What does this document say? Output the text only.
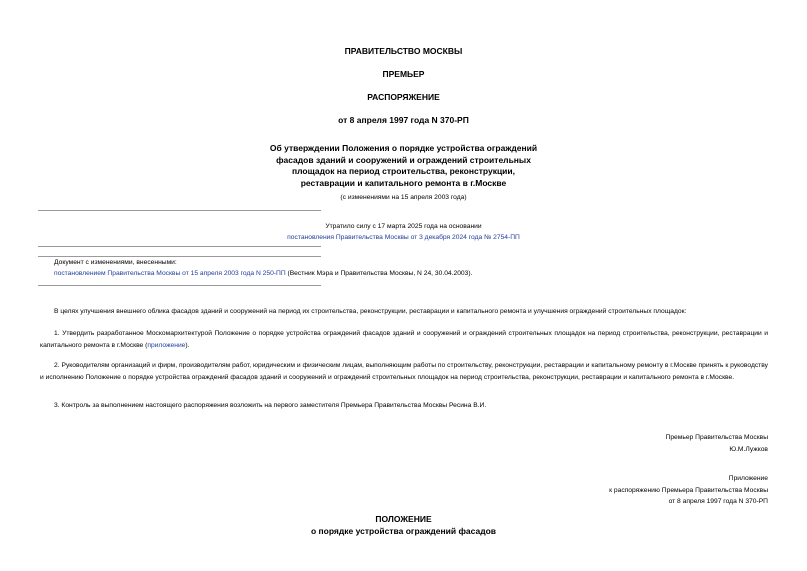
ПРАВИТЕЛЬСТВО МОСКВЫ
ПРЕМЬЕР
РАСПОРЯЖЕНИЕ
от 8 апреля 1997 года N 370-РП
Об утверждении Положения о порядке устройства ограждений
фасадов зданий и сооружений и ограждений строительных
площадок на период строительства, реконструкции,
реставрации и капитального ремонта в г.Москве
(с изменениями на 15 апреля 2003 года)
Утратило силу с 17 марта 2025 года на основании
постановления Правительства Москвы от 3 декабря 2024 года № 2754-ПП
Документ с изменениями, внесенными:
постановлением Правительства Москвы от 15 апреля 2003 года N 250-ПП (Вестник Мэра и Правительства Москвы, N 24, 30.04.2003).
В целях улучшения внешнего облика фасадов зданий и сооружений на период их строительства, реконструкции, реставрации и капитального ремонта и улучшения ограждений строительных площадок:
1. Утвердить разработанное Москомархитектурой Положение о порядке устройства ограждений фасадов зданий и сооружений и ограждений строительных площадок на период строительства, реконструкции, реставрации и капитального ремонта в г.Москве (приложение).
2. Руководителям организаций и фирм, производителям работ, юридическим и физическим лицам, выполняющим работы по строительству, реконструкции, реставрации и капитальному ремонту в г.Москве принять к руководству и исполнению Положение о порядке устройства ограждений фасадов зданий и сооружений и ограждений строительных площадок на период строительства, реконструкции, реставрации и капитального ремонта в г.Москве.
3. Контроль за выполнением настоящего распоряжения возложить на первого заместителя Премьера Правительства Москвы Ресина В.И.
Премьер Правительства Москвы
Ю.М.Лужков
Приложение
к распоряжению Премьера Правительства Москвы
от 8 апреля 1997 года N 370-РП
ПОЛОЖЕНИЕ
о порядке устройства ограждений фасадов
